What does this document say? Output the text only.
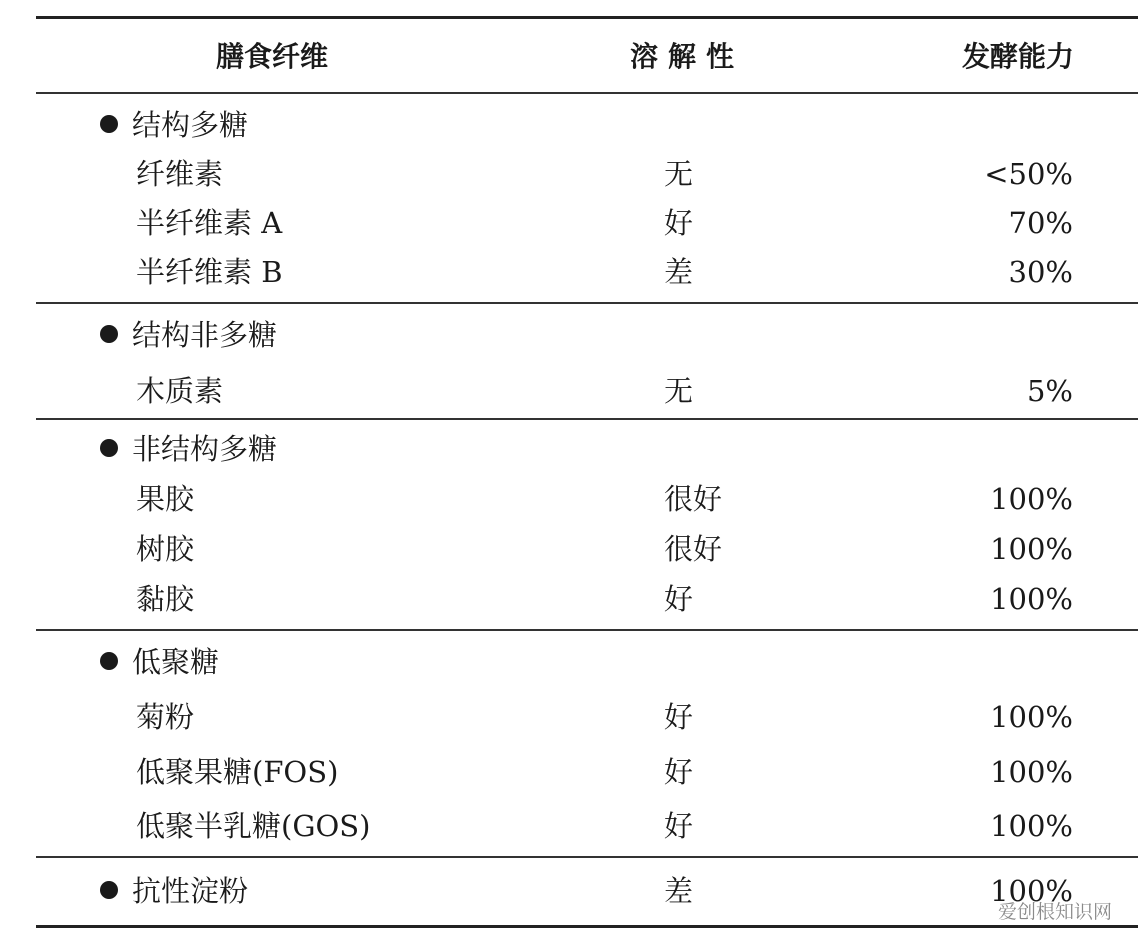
膳食纤维	溶解性	发酵能力
结构多糖
纤维素	无	<50%
半纤维素 A	好	70%
半纤维素 B	差	30%
结构非多糖
木质素	无	5%
非结构多糖
果胶	很好	100%
树胶	很好	100%
黏胶	好	100%
低聚糖
菊粉	好	100%
低聚果糖(FOS)	好	100%
低聚半乳糖(GOS)	好	100%
抗性淀粉	差	100%
爱创根知识网
